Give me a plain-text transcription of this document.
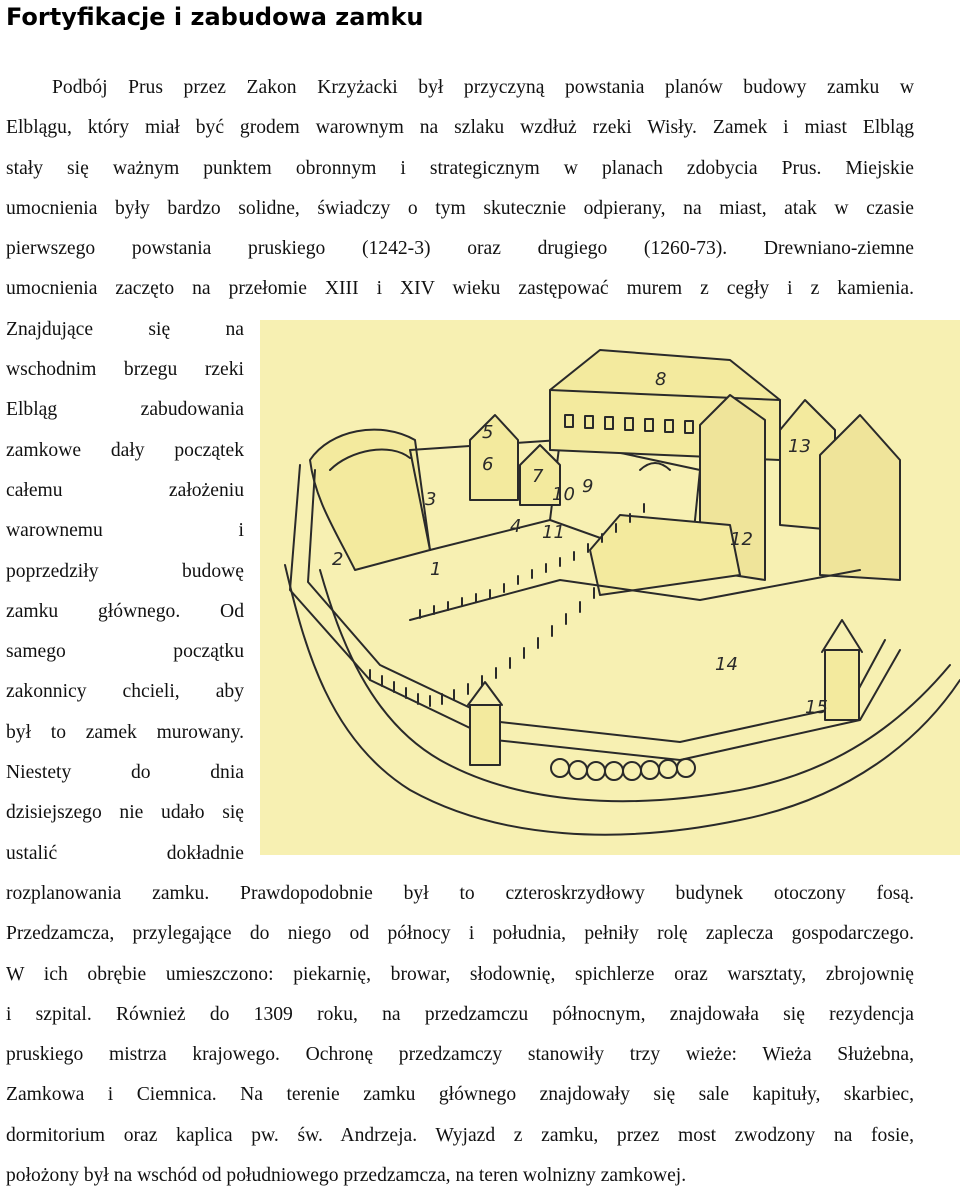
Fortyfikacje i zabudowa zamku
Podbój Prus przez Zakon Krzyżacki był przyczyną powstania planów budowy zamku w
Elblągu, który miał być grodem warownym na szlaku wzdłuż rzeki Wisły. Zamek i miast Elbląg
stały się ważnym punktem obronnym i strategicznym w planach zdobycia Prus. Miejskie
umocnienia były bardzo solidne, świadczy o tym skutecznie odpierany, na miast, atak w czasie
pierwszego powstania pruskiego (1242-3) oraz drugiego (1260-73). Drewniano-ziemne
umocnienia zaczęto na przełomie XIII i XIV wieku zastępować murem z cegły i z kamienia.
Znajdujące się na
wschodnim brzegu rzeki
Elbląg zabudowania
zamkowe dały początek
całemu założeniu
warownemu i
poprzedziły budowę
zamku głównego. Od
samego początku
zakonnicy chcieli, aby
był to zamek murowany.
Niestety do dnia
dzisiejszego nie udało się
ustalić dokładnie
rozplanowania zamku. Prawdopodobnie był to czteroskrzydłowy budynek otoczony fosą.
Przedzamcza, przylegające do niego od północy i południa, pełniły rolę zaplecza gospodarczego.
W ich obrębie umieszczono: piekarnię, browar, słodownię, spichlerze oraz warsztaty, zbrojownię
i szpital. Również do 1309 roku, na przedzamczu północnym, znajdowała się rezydencja
pruskiego mistrza krajowego. Ochronę przedzamczy stanowiły trzy wieże: Wieża Służebna,
Zamkowa i Ciemnica. Na terenie zamku głównego znajdowały się sale kapituły, skarbiec,
dormitorium oraz kaplica pw. św. Andrzeja. Wyjazd z zamku, przez most zwodzony na fosie,
położony był na wschód od południowego przedzamcza, na teren wolnizny zamkowej.
1
2
3
4
5
6
7
8
9
10
11	12
13
14
15
